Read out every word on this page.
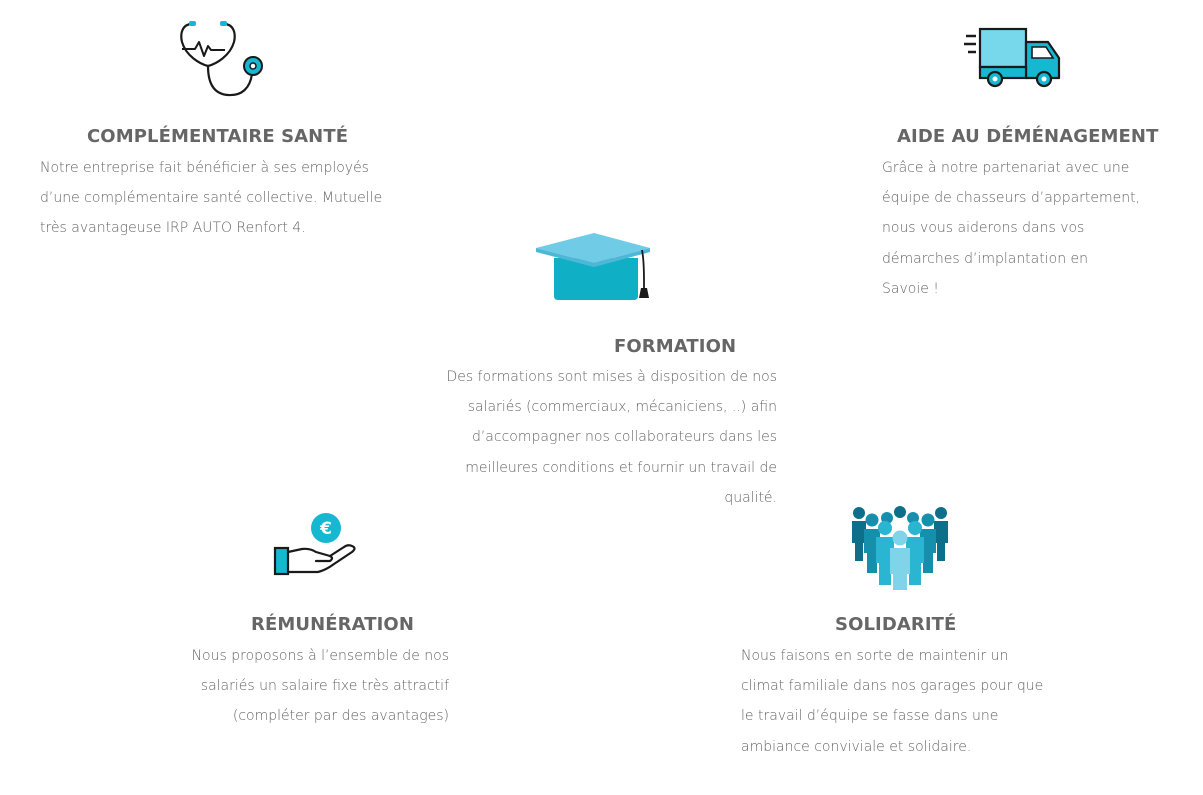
COMPLÉMENTAIRE SANTÉ

Notre entreprise fait bénéficier à ses employés
d’une complémentaire santé collective. Mutuelle
très avantageuse IRP AUTO Renfort 4.

AIDE AU DÉMÉNAGEMENT

Grâce à notre partenariat avec une
équipe de chasseurs d’appartement,
nous vous aiderons dans vos
démarches d’implantation en
Savoie !

FORMATION

Des formations sont mises à disposition de nos
salariés (commerciaux, mécaniciens, ..) afin
d’accompagner nos collaborateurs dans les
meilleures conditions et fournir un travail de
qualité.

€
RÉMUNÉRATION

Nous proposons à l’ensemble de nos
salariés un salaire fixe très attractif
(compléter par des avantages)

SOLIDARITÉ

Nous faisons en sorte de maintenir un
climat familiale dans nos garages pour que
le travail d’équipe se fasse dans une
ambiance conviviale et solidaire.
